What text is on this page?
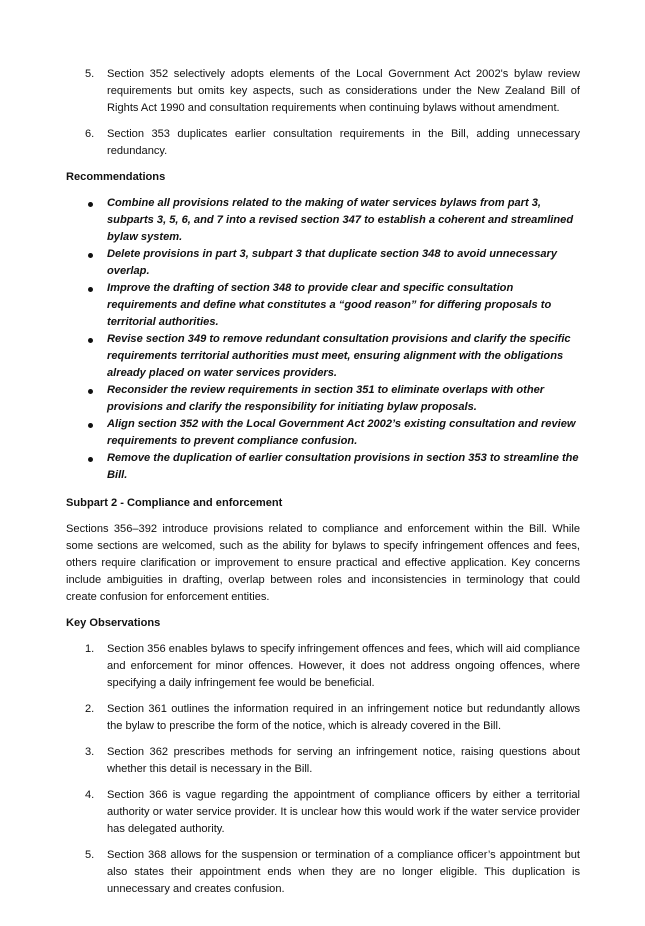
5. Section 352 selectively adopts elements of the Local Government Act 2002's bylaw review requirements but omits key aspects, such as considerations under the New Zealand Bill of Rights Act 1990 and consultation requirements when continuing bylaws without amendment.

6. Section 353 duplicates earlier consultation requirements in the Bill, adding unnecessary redundancy.

Recommendations

Combine all provisions related to the making of water services bylaws from part 3, subparts 3, 5, 6, and 7 into a revised section 347 to establish a coherent and streamlined bylaw system.
Delete provisions in part 3, subpart 3 that duplicate section 348 to avoid unnecessary overlap.
Improve the drafting of section 348 to provide clear and specific consultation requirements and define what constitutes a “good reason” for differing proposals to territorial authorities.
Revise section 349 to remove redundant consultation provisions and clarify the specific requirements territorial authorities must meet, ensuring alignment with the obligations already placed on water services providers.
Reconsider the review requirements in section 351 to eliminate overlaps with other provisions and clarify the responsibility for initiating bylaw proposals.
Align section 352 with the Local Government Act 2002’s existing consultation and review requirements to prevent compliance confusion.
Remove the duplication of earlier consultation provisions in section 353 to streamline the Bill.

Subpart 2 - Compliance and enforcement

Sections 356–392 introduce provisions related to compliance and enforcement within the Bill. While some sections are welcomed, such as the ability for bylaws to specify infringement offences and fees, others require clarification or improvement to ensure practical and effective application. Key concerns include ambiguities in drafting, overlap between roles and inconsistencies in terminology that could create confusion for enforcement entities.

Key Observations

1. Section 356 enables bylaws to specify infringement offences and fees, which will aid compliance and enforcement for minor offences. However, it does not address ongoing offences, where specifying a daily infringement fee would be beneficial.

2. Section 361 outlines the information required in an infringement notice but redundantly allows the bylaw to prescribe the form of the notice, which is already covered in the Bill.

3. Section 362 prescribes methods for serving an infringement notice, raising questions about whether this detail is necessary in the Bill.

4. Section 366 is vague regarding the appointment of compliance officers by either a territorial authority or water service provider. It is unclear how this would work if the water service provider has delegated authority.

5. Section 368 allows for the suspension or termination of a compliance officer’s appointment but also states their appointment ends when they are no longer eligible. This duplication is unnecessary and creates confusion.
